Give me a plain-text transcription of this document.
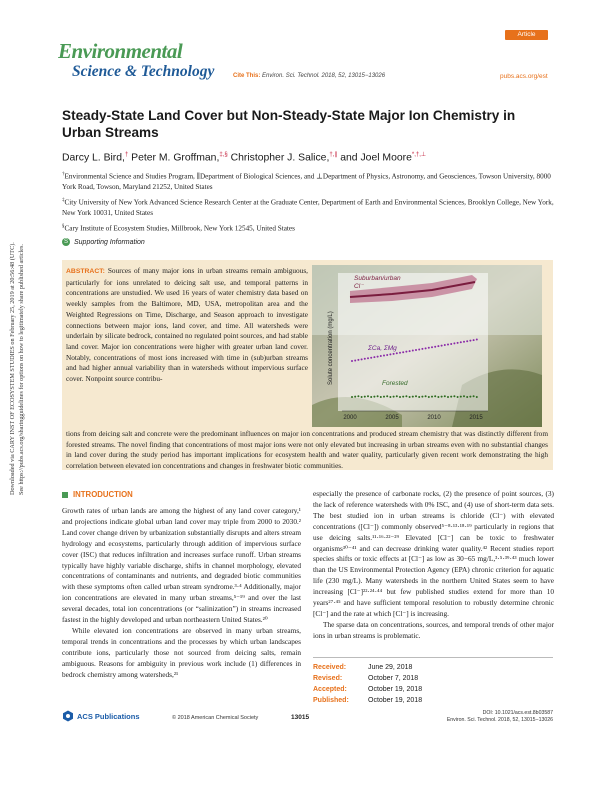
Environmental
Science & Technology
Article
Cite This: Environ. Sci. Technol. 2018, 52, 13015−13026	pubs.acs.org/est
Downloaded via CARY INST OF ECOSYSTEM STUDIES on February 25, 2019 at 20:56:48 (UTC). See https://pubs.acs.org/sharingguidelines for options on how to legitimately share published articles.
Steady-State Land Cover but Non-Steady-State Major Ion Chemistry in Urban Streams
Darcy L. Bird,† Peter M. Groffman,‡,§ Christopher J. Salice,†,∥ and Joel Moore*,†,⊥
†Environmental Science and Studies Program, ∥Department of Biological Sciences, and ⊥Department of Physics, Astronomy, and Geosciences, Towson University, 8000 York Road, Towson, Maryland 21252, United States
‡City University of New York Advanced Science Research Center at the Graduate Center, Department of Earth and Environmental Sciences, Brooklyn College, New York, New York 10031, United States
§Cary Institute of Ecosystem Studies, Millbrook, New York 12545, United States
S Supporting Information
ABSTRACT: Sources of many major ions in urban streams remain ambiguous, particularly for ions unrelated to deicing salt use, and temporal patterns in concentrations are unstudied. We used 16 years of water chemistry data based on weekly samples from the Baltimore, MD, USA, metropolitan area and the Weighted Regressions on Time, Discharge, and Season approach to investigate connections between major ions, land cover, and time. All watersheds were underlain by silicate bedrock, contained no regulated point sources, and had stable land cover. Major ion concentrations were higher with greater urban land cover. Notably, concentrations of most ions increased with time in (sub)urban streams and had higher annual variability than in watersheds without impervious surface cover. Nonpoint source contribu-	Solute concentration (mg/L)
Suburban/urban
Cl⁻
ΣCa, ΣMg
Forested
2000	2005	2010	2015
tions from deicing salt and concrete were the predominant influences on major ion concentrations and produced stream chemistry that was distinctly different from forested streams. The novel finding that concentrations of most major ions were not only elevated but increasing in urban streams even with no substantial changes in land cover during the study period has important implications for ecosystem health and water quality, particularly given recent work demonstrating the high correlation between elevated ion concentrations and changes in freshwater biotic communities.
INTRODUCTION

Growth rates of urban lands are among the highest of any land cover category,¹ and projections indicate global urban land cover may triple from 2000 to 2030.² Land cover change driven by urbanization substantially disrupts and alters stream hydrology and ecosystems, particularly through addition of impervious surface cover (ISC) that reduces infiltration and increases surface runoff. Urban streams typically have highly variable discharge, shifts in channel morphology, elevated concentrations of contaminants and nutrients, and degraded biotic communities with these symptoms often called urban stream syndrome.³·⁴ Additionally, major ion concentrations are elevated in many urban streams,⁵⁻¹⁹ and over the last several decades, total ion concentrations (or “salinization”) in streams increased fastest in the highly developed and urban northeastern United States.²⁰

While elevated ion concentrations are observed in many urban streams, temporal trends in concentrations and the processes by which urban landscapes contribute ions, particularly those not sourced from deicing salts, remain ambiguous. Reasons for ambiguity in previous work include (1) differences in bedrock chemistry among watersheds,²¹

especially the presence of carbonate rocks, (2) the presence of point sources, (3) the lack of reference watersheds with 0% ISC, and (4) use of short-term data sets. The best studied ion in urban streams is chloride (Cl⁻) with elevated concentrations ([Cl⁻]) commonly observed⁵⁻⁸·¹³·¹⁸·¹⁹ particularly in regions that use deicing salts.¹¹·¹⁶·²²⁻²⁹ Elevated [Cl⁻] can be toxic to freshwater organisms³⁰⁻⁴¹ and can decrease drinking water quality.⁴² Recent studies report species shifts or toxic effects at [Cl⁻] as low as 30−65 mg/L,³·⁵·³⁹·⁴³ much lower than the US Environmental Protection Agency (EPA) chronic criterion for aquatic life (230 mg/L). Many watersheds in the northern United States seem to have increasing [Cl⁻]²²·²⁴·⁴⁴ but few published studies extend for more than 10 years²⁷·⁴⁵ and have sufficient temporal resolution to robustly determine chronic [Cl⁻] and the rate at which [Cl⁻] is increasing.

The sparse data on concentrations, sources, and temporal trends of other major ions in urban streams is problematic.

Received:	June 29, 2018
Revised:	October 7, 2018
Accepted:	October 19, 2018
Published:	October 19, 2018
ACS Publications	© 2018 American Chemical Society	13015
DOI: 10.1021/acs.est.8b03587
Environ. Sci. Technol. 2018, 52, 13015−13026
